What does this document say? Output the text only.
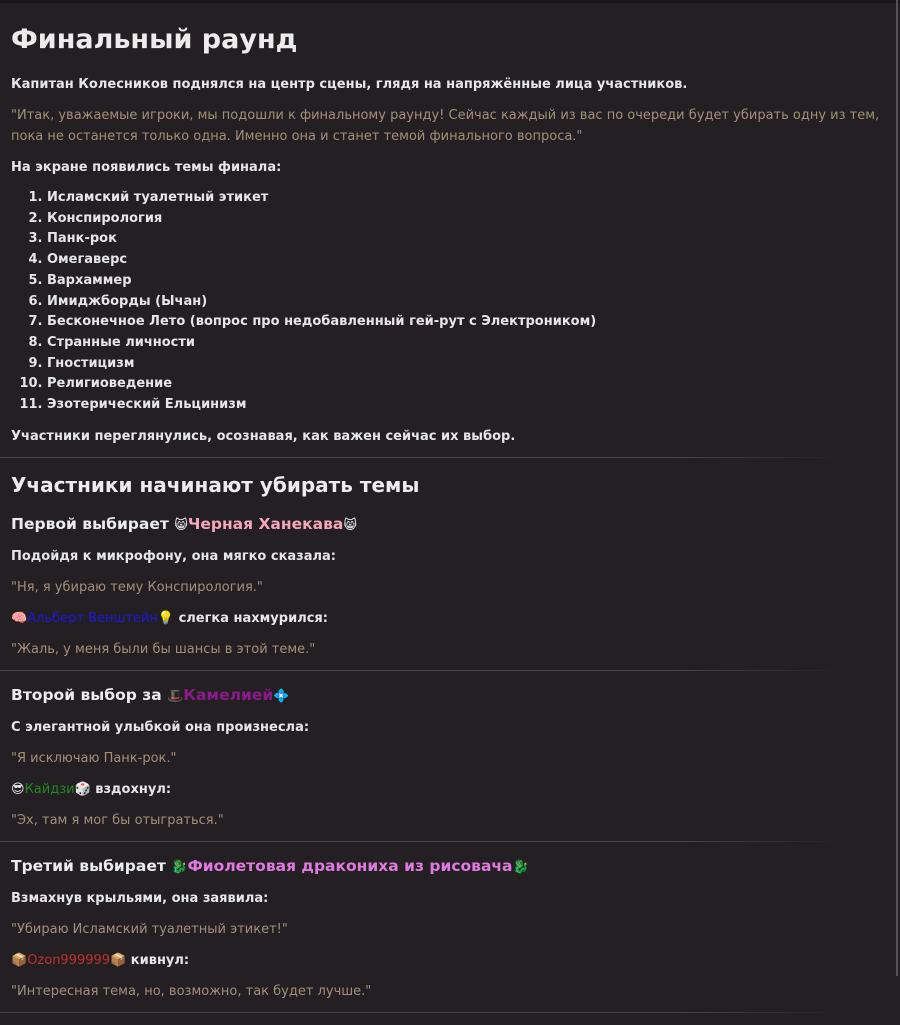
Финальный раунд

Капитан Колесников поднялся на центр сцены, глядя на напряжённые лица участников.

"Итак, уважаемые игроки, мы подошли к финальному раунду! Сейчас каждый из вас по очереди будет убирать одну из тем, пока не останется только одна. Именно она и станет темой финального вопроса."

На экране появились темы финала:

1. Исламский туалетный этикет
2. Конспирология
3. Панк-рок
4. Омегаверс
5. Вархаммер
6. Имиджборды (Ычан)
7. Бесконечное Лето (вопрос про недобавленный гей-рут с Электроником)
8. Странные личности
9. Гностицизм
10. Религиоведение
11. Эзотерический Ельцинизм

Участники переглянулись, осознавая, как важен сейчас их выбор.

Участники начинают убирать темы
Первой выбирает 😸Черная Ханекава😸

Подойдя к микрофону, она мягко сказала:

"Ня, я убираю тему Конспирология."

🧠Альберт Венштейн💡 слегка нахмурился:

"Жаль, у меня были бы шансы в этой теме."

Второй выбор за 🎩Камелией💠

С элегантной улыбкой она произнесла:

"Я исключаю Панк-рок."

😎Кайдзи🎲 вздохнул:

"Эх, там я мог бы отыграться."

Третий выбирает 🐉Фиолетовая дракониха из рисовача🐉

Взмахнув крыльями, она заявила:

"Убираю Исламский туалетный этикет!"

📦Ozon999999📦 кивнул:

"Интересная тема, но, возможно, так будет лучше."
